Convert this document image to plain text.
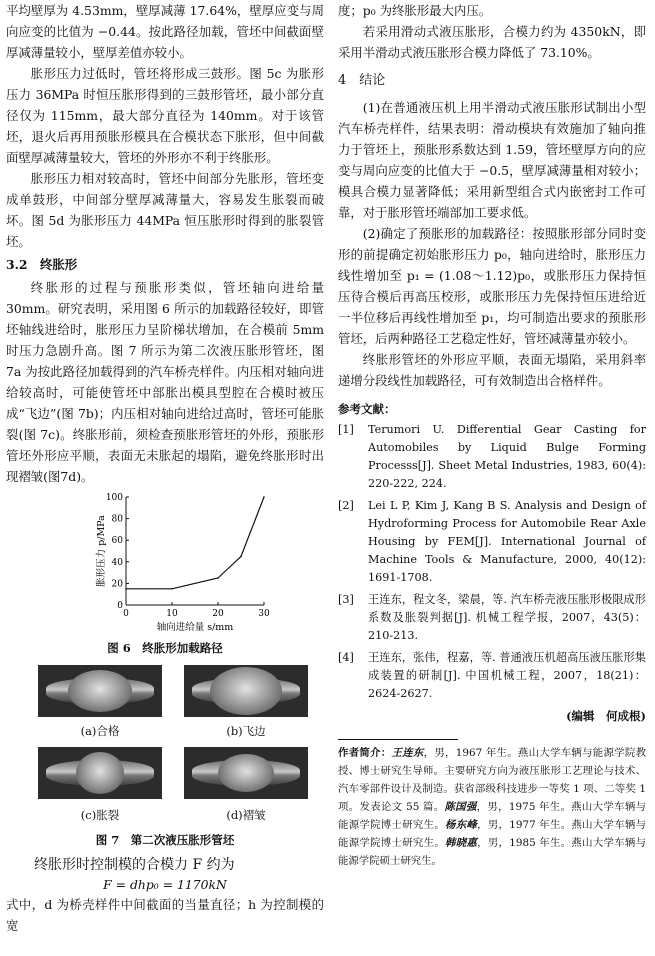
平均壁厚为 4.53mm，壁厚减薄 17.64%，壁厚应变与周向应变的比值为 −0.44。按此路径加载，管坯中间截面壁厚减薄量较小，壁厚差值亦较小。

胀形压力过低时，管坯将形成三鼓形。图 5c 为胀形压力 36MPa 时恒压胀形得到的三鼓形管坯，最小部分直径仅为 115mm，最大部分直径为 140mm。对于该管坯，退火后再用预胀形模具在合模状态下胀形，但中间截面壁厚减薄量较大，管坯的外形亦不利于终胀形。

胀形压力相对较高时，管坯中间部分先胀形，管坯变成单鼓形，中间部分壁厚减薄量大，容易发生胀裂而破坏。图 5d 为胀形压力 44MPa 恒压胀形时得到的胀裂管坯。

3.2　终胀形

终胀形的过程与预胀形类似，管坯轴向进给量 30mm。研究表明，采用图 6 所示的加载路径较好，即管坯轴线进给时，胀形压力呈阶梯状增加，在合模前 5mm 时压力急剧升高。图 7 所示为第二次液压胀形管坯，图 7a 为按此路径加载得到的汽车桥壳样件。内压相对轴向进给较高时，可能使管坯中部胀出模具型腔在合模时被压成“飞边”(图 7b)；内压相对轴向进给过高时，管坯可能胀裂(图 7c)。终胀形前，须检查预胀形管坯的外形，预胀形管坯外形应平顺，表面无未胀起的塌陷，避免终胀形时出现褶皱(图7d)。

0	10	20	30
0
20
40
60
80
100
轴向进给量 s/mm
胀形压力 p/MPa
图 6　终胀形加载路径
(a)合格	(b)飞边
(c)胀裂	(d)褶皱
图 7　第二次液压胀形管坯
终胀形时控制模的合模力 F 约为
F = dhp₀ = 1170kN

式中，d 为桥壳样件中间截面的当量直径；h 为控制模的宽

度；p₀ 为终胀形最大内压。

若采用滑动式液压胀形，合模力约为 4350kN，即采用半滑动式液压胀形合模力降低了 73.10%。

4　结论

(1)在普通液压机上用半滑动式液压胀形试制出小型汽车桥壳样件，结果表明：滑动模块有效施加了轴向推力于管坯上，预胀形系数达到 1.59，管坯壁厚方向的应变与周向应变的比值大于 −0.5，壁厚减薄量相对较小；模具合模力显著降低；采用新型组合式内嵌密封工作可靠，对于胀形管坯端部加工要求低。

(2)确定了预胀形的加载路径：按照胀形部分同时变形的前提确定初始胀形压力 p₀，轴向进给时，胀形压力线性增加至 p₁ = (1.08～1.12)p₀，或胀形压力保持恒压待合模后再高压校形，或胀形压力先保持恒压进给近一半位移后再线性增加至 p₁，均可制造出要求的预胀形管坯，后两种路径工艺稳定性好，管坯减薄量亦较小。

终胀形管坯的外形应平顺，表面无塌陷，采用斜率递增分段线性加载路径，可有效制造出合格样件。

参考文献：
[1] Terumori U. Differential Gear Casting for Automobiles by Liquid Bulge Forming Processs[J]. Sheet Metal Industries, 1983, 60(4): 220-222, 224.
[2] Lei L P, Kim J, Kang B S. Analysis and Design of Hydroforming Process for Automobile Rear Axle Housing by FEM[J]. International Journal of Machine Tools & Manufacture, 2000, 40(12): 1691-1708.
[3] 王连东，程文冬，梁晨，等. 汽车桥壳液压胀形极限成形系数及胀裂判据[J]. 机械工程学报，2007，43(5)：210-213.
[4] 王连东，张伟，程嘉，等. 普通液压机超高压液压胀形集成装置的研制[J]. 中国机械工程，2007，18(21)：2624-2627.
(编辑　何成根)
作者简介：王连东，男，1967 年生。燕山大学车辆与能源学院教授、博士研究生导师。主要研究方向为液压胀形工艺理论与技术、汽车零部件设计及制造。获省部级科技进步一等奖 1 项、二等奖 1 项。发表论文 55 篇。陈国强，男，1975 年生。燕山大学车辆与能源学院博士研究生。杨东峰，男，1977 年生。燕山大学车辆与能源学院博士研究生。韩晓惠，男，1985 年生。燕山大学车辆与能源学院硕士研究生。
